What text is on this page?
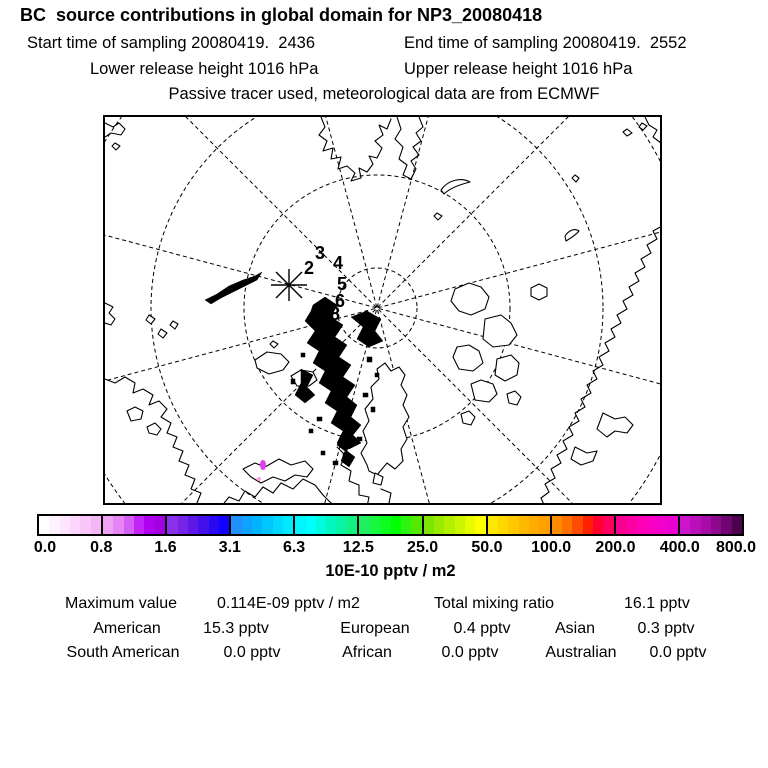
BC  source contributions in global domain for NP3_20080418
Start time of sampling 20080419.  2436	End time of sampling 20080419.  2552
Lower release height 1016 hPa	Upper release height 1016 hPa
Passive tracer used, meteorological data are from ECMWF
2
3 4
5
6
8
0.0 0.8	1.6	3.1	6.3 12.5 25.0 50.0 100.0 200.0 400.0 800.0
10E-10 pptv / m2
Maximum value 0.114E-09 pptv / m2	Total mixing ratio	16.1 pptv
American	15.3 pptv	European	0.4 pptv	Asian	0.3 pptv
South American	0.0 pptv	African	0.0 pptv	Australian 0.0 pptv
